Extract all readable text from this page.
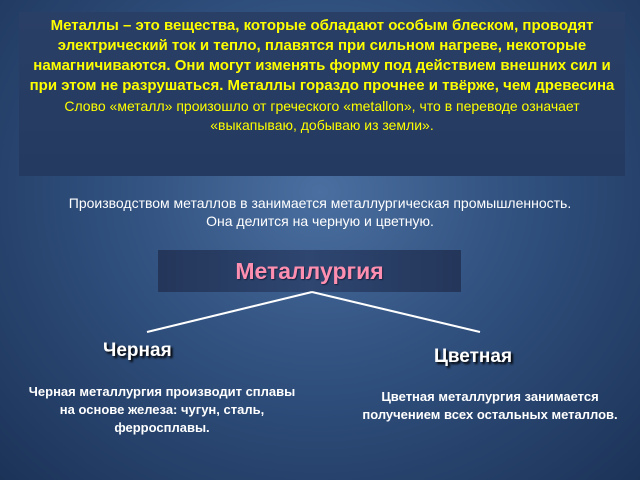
Металлы – это вещества, которые обладают особым блеском, проводят электрический ток и тепло, плавятся при сильном нагреве, некоторые намагничиваются. Они могут изменять форму под действием внешних сил и при этом не разрушаться. Металлы гораздо прочнее и твёрже, чем древесина
Слово «металл» произошло от греческого «metallon», что в переводе означает «выкапываю, добываю из земли».
Производством металлов в занимается металлургическая промышленность. Она делится на черную и цветную.
Металлургия
Черная	Цветная
Черная металлургия производит сплавы на основе железа: чугун, сталь, ферросплавы.
Цветная металлургия занимается получением всех остальных металлов.
